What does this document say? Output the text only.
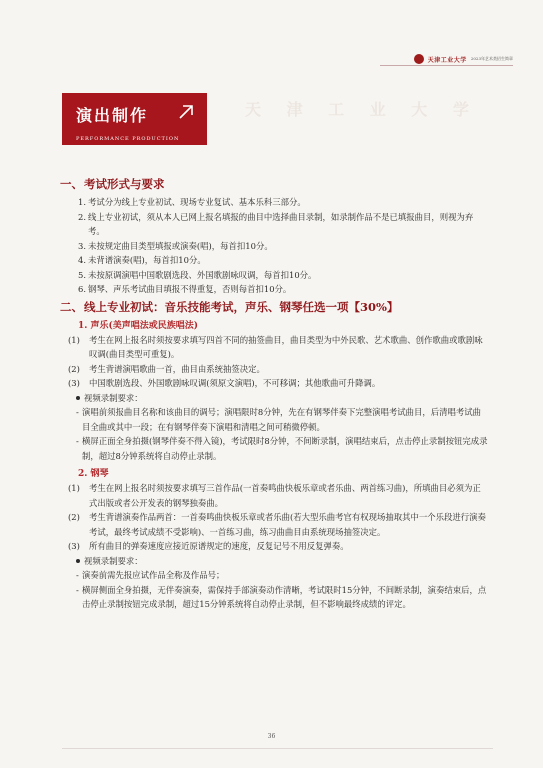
天津工业大学 2023年艺术类招生简章
天 津 工 业 大 学
演出制作
PERFORMANCE PRODUCTION
一、 考试形式与要求
1. 考试分为线上专业初试、现场专业复试、基本乐科三部分。
2. 线上专业初试，须从本人已网上报名填报的曲目中选择曲目录制，如录制作品不是已填报曲目，则视为弃考。
3. 未按规定曲目类型填报或演奏(唱)，每首扣10分。
4. 未背谱演奏(唱)，每首扣10分。
5. 未按原调演唱中国歌剧选段、外国歌剧咏叹调，每首扣10分。
6. 钢琴、声乐考试曲目填报不得重复，否则每首扣10分。
二、 线上专业初试：音乐技能考试，声乐、钢琴任选一项【30%】
1. 声乐(美声唱法或民族唱法)
(1)	考生在网上报名时须按要求填写四首不同的抽签曲目，曲目类型为中外民歌、艺术歌曲、创作歌曲或歌剧咏叹调(曲目类型可重复)。
(2)	考生背谱演唱歌曲一首，曲目由系统抽签决定。
(3)	中国歌剧选段、外国歌剧咏叹调(须原文演唱)，不可移调；其他歌曲可升降调。
视频录制要求：
- 演唱前须报曲目名称和该曲目的调号；演唱限时8分钟，先在有钢琴伴奏下完整演唱考试曲目，后清唱考试曲目全曲或其中一段；在有钢琴伴奏下演唱和清唱之间可稍微停顿。
- 横屏正面全身拍摄(钢琴伴奏不得入镜)，考试限时8分钟，不间断录制，演唱结束后，点击停止录制按钮完成录制，超过8分钟系统将自动停止录制。
2. 钢琴
(1)	考生在网上报名时须按要求填写三首作品(一首奏鸣曲快板乐章或者乐曲、两首练习曲)，所填曲目必须为正式出版或者公开发表的钢琴独奏曲。
(2)	考生背谱演奏作品两首：一首奏鸣曲快板乐章或者乐曲(若大型乐曲考官有权现场抽取其中一个乐段进行演奏考试，最终考试成绩不受影响)、一首练习曲，练习曲曲目由系统现场抽签决定。
(3)	所有曲目的弹奏速度应接近原谱规定的速度，反复记号不用反复弹奏。
视频录制要求：
- 演奏前需先报应试作品全称及作品号；
- 横屏侧面全身拍摄，无伴奏演奏，需保持手部演奏动作清晰，考试限时15分钟，不间断录制，演奏结束后，点击停止录制按钮完成录制，超过15分钟系统将自动停止录制，但不影响最终成绩的评定。
36
